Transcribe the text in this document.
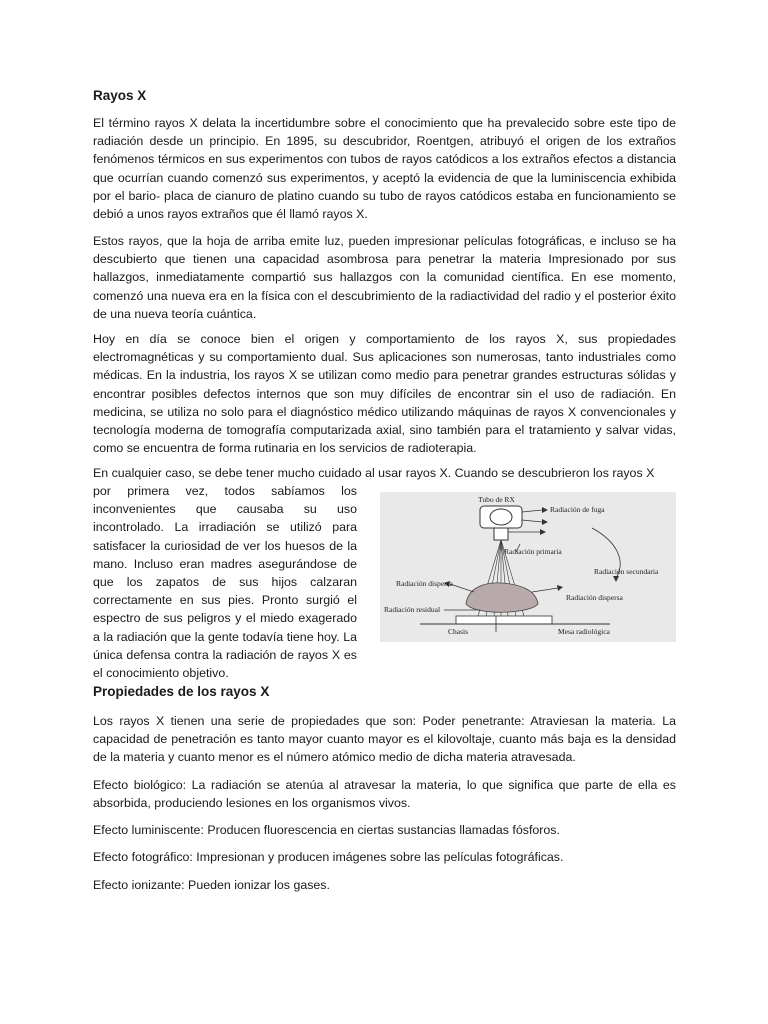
Rayos X

El término rayos X delata la incertidumbre sobre el conocimiento que ha prevalecido sobre este tipo de radiación desde un principio. En 1895, su descubridor, Roentgen, atribuyó el origen de los extraños fenómenos térmicos en sus experimentos con tubos de rayos catódicos a los extraños efectos a distancia que ocurrían cuando comenzó sus experimentos, y aceptó la evidencia de que la luminiscencia exhibida por el bario- placa de cianuro de platino cuando su tubo de rayos catódicos estaba en funcionamiento se debió a unos rayos extraños que él llamó rayos X.

Estos rayos, que la hoja de arriba emite luz, pueden impresionar películas fotográficas, e incluso se ha descubierto que tienen una capacidad asombrosa para penetrar la materia Impresionado por sus hallazgos, inmediatamente compartió sus hallazgos con la comunidad científica. En ese momento, comenzó una nueva era en la física con el descubrimiento de la radiactividad del radio y el posterior éxito de una nueva teoría cuántica.

Hoy en día se conoce bien el origen y comportamiento de los rayos X, sus propiedades electromagnéticas y su comportamiento dual. Sus aplicaciones son numerosas, tanto industriales como médicas. En la industria, los rayos X se utilizan como medio para penetrar grandes estructuras sólidas y encontrar posibles defectos internos que son muy difíciles de encontrar sin el uso de radiación. En medicina, se utiliza no solo para el diagnóstico médico utilizando máquinas de rayos X convencionales y tecnología moderna de tomografía computarizada axial, sino también para el tratamiento y salvar vidas, como se encuentra de forma rutinaria en los servicios de radioterapia.

En cualquier caso, se debe tener mucho cuidado al usar rayos X. Cuando se descubrieron los rayos X

por primera vez, todos sabíamos los inconvenientes que causaba su uso incontrolado. La irradiación se utilizó para satisfacer la curiosidad de ver los huesos de la mano. Incluso eran madres asegurándose de que los zapatos de sus hijos calzaran correctamente en sus pies. Pronto surgió el espectro de sus peligros y el miedo exagerado a la radiación que la gente todavía tiene hoy. La única defensa contra la radiación de rayos X es el conocimiento objetivo.

Propiedades de los rayos X

Los rayos X tienen una serie de propiedades que son: Poder penetrante: Atraviesan la materia. La capacidad de penetración es tanto mayor cuanto mayor es el kilovoltaje, cuanto más baja es la densidad de la materia y cuanto menor es el número atómico medio de dicha materia atravesada.

Efecto biológico: La radiación se atenúa al atravesar la materia, lo que significa que parte de ella es absorbida, produciendo lesiones en los organismos vivos.

Efecto luminiscente: Producen fluorescencia en ciertas sustancias llamadas fósforos.

Efecto fotográfico: Impresionan y producen imágenes sobre las películas fotográficas.

Efecto ionizante: Pueden ionizar los gases.

Tubo de RX
Radiación de fuga
Radiación primaria
Radiación secundaria
Radiación dispersa
Radiación dispersa
Radiación residual
Chasis	Mesa radiológica
